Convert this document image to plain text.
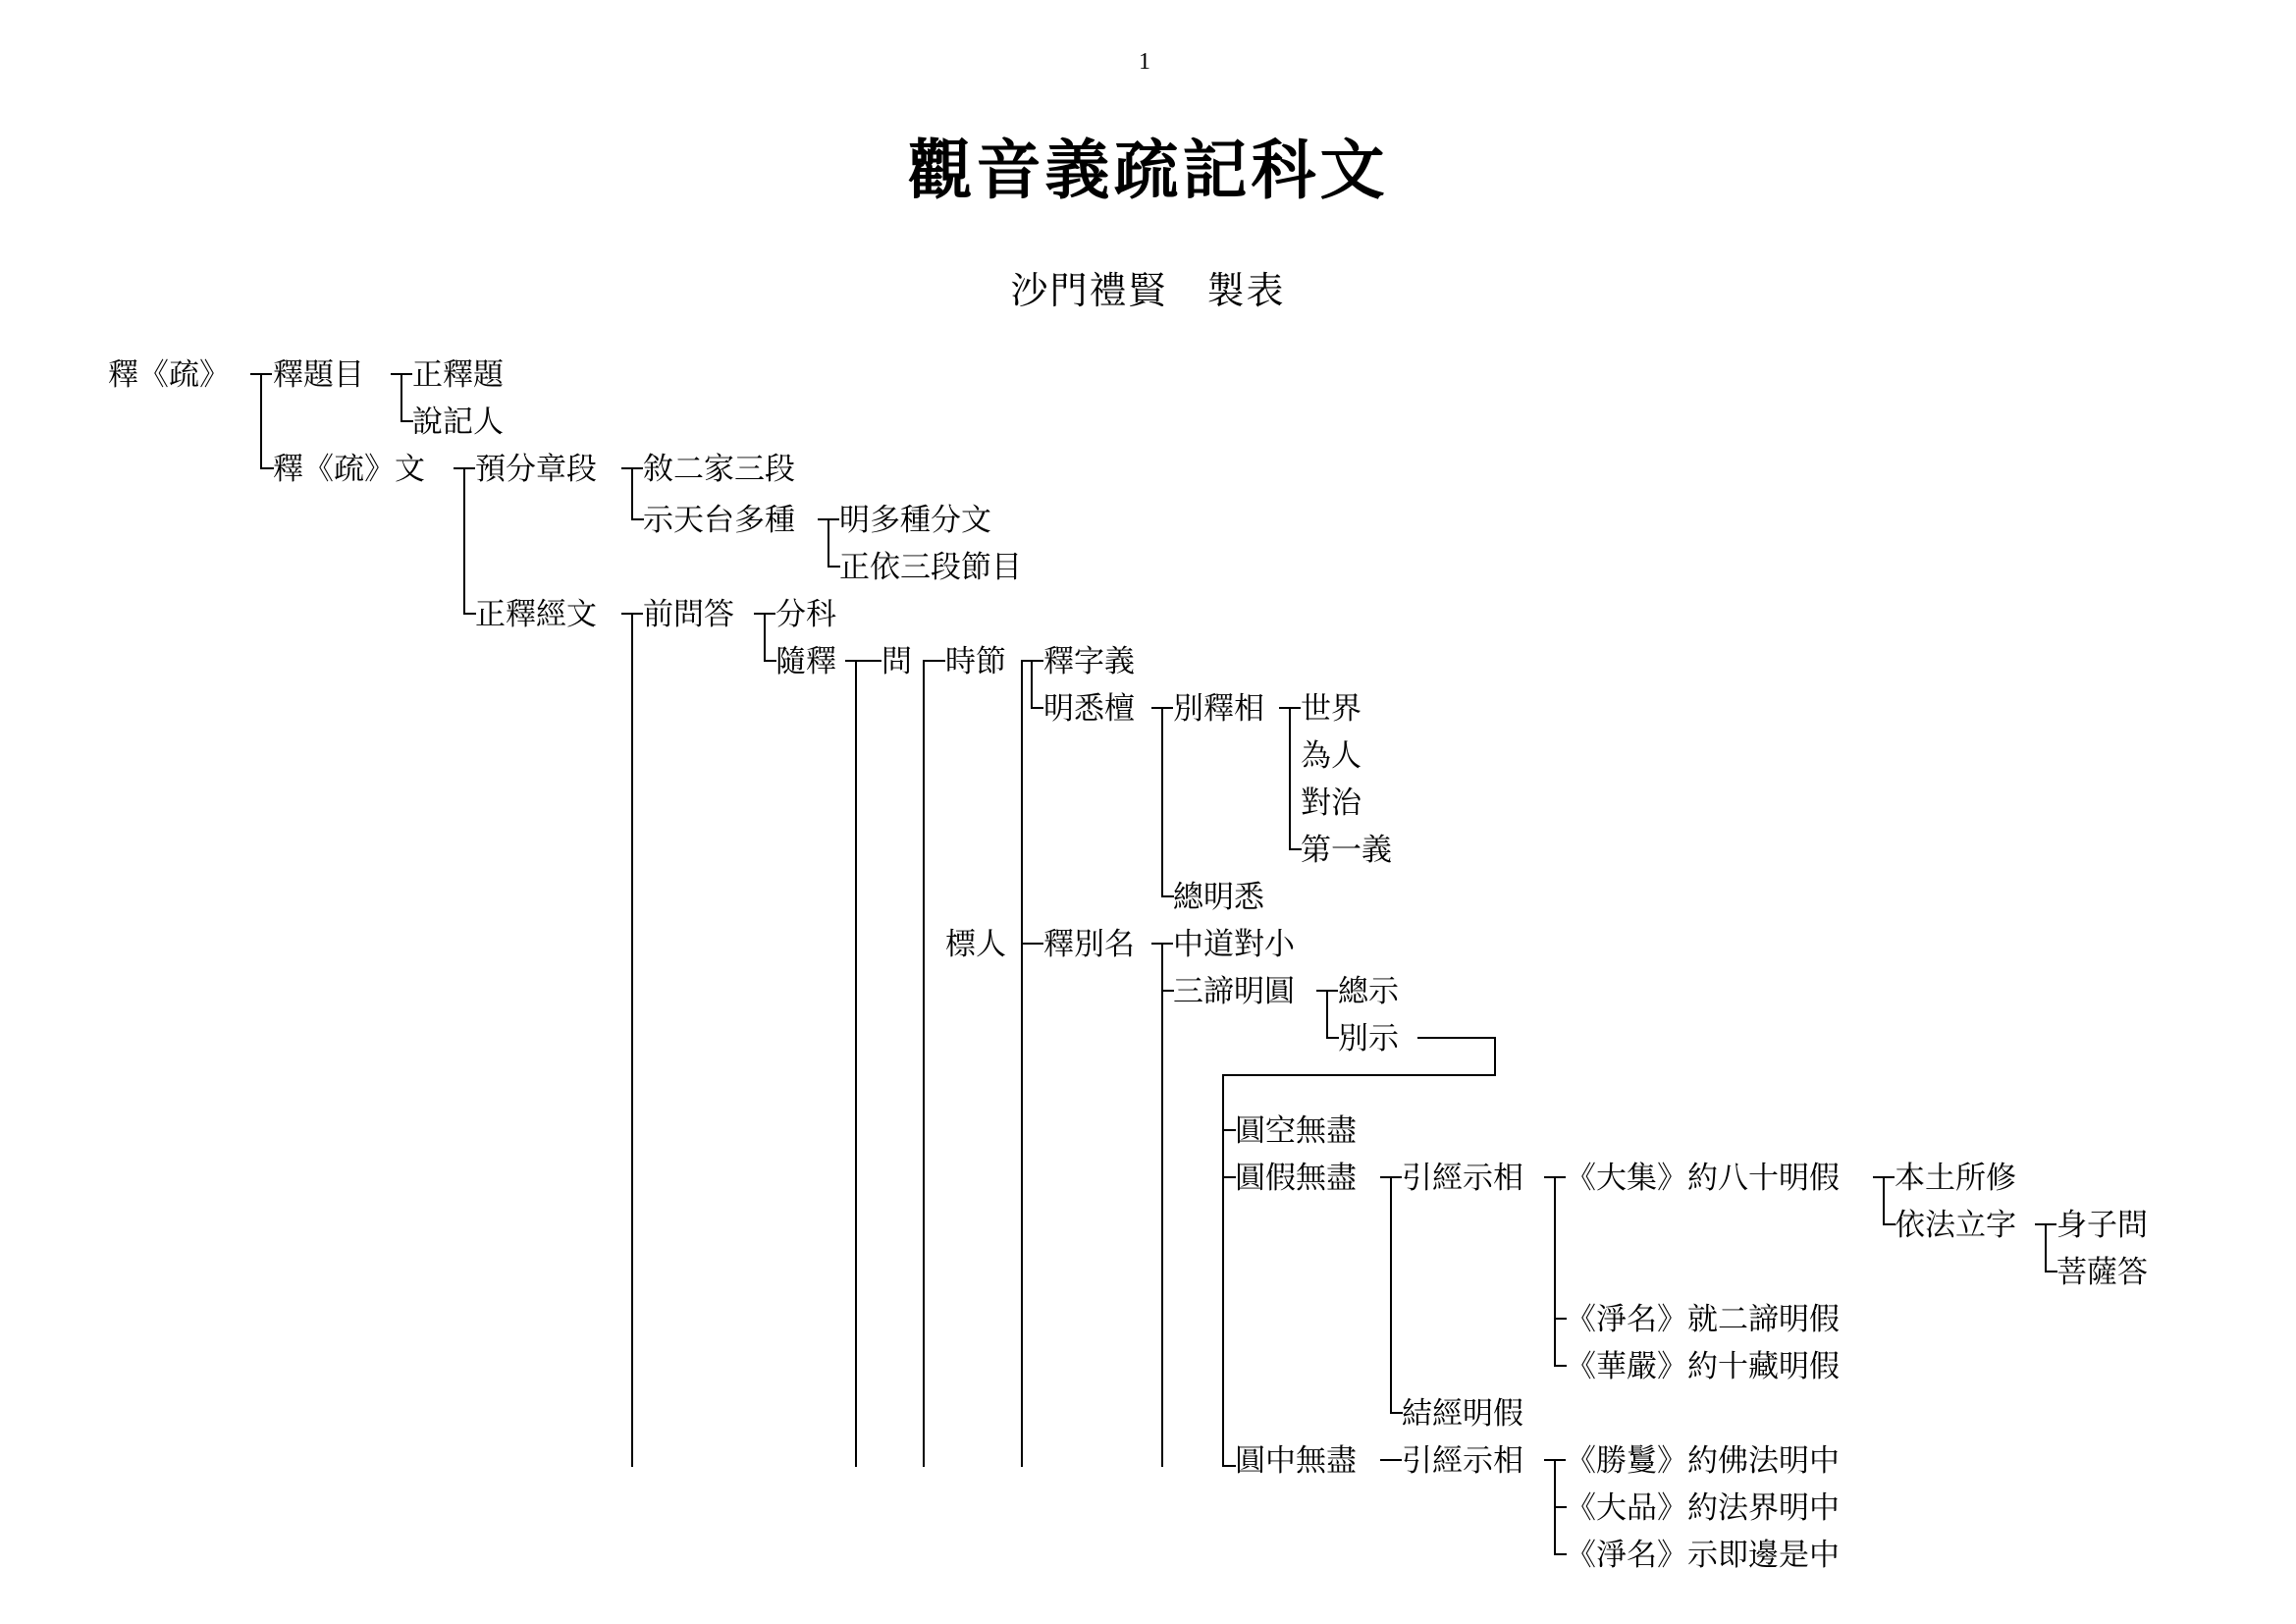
1
觀音義疏記科文
沙門禮賢　製表
釋《疏》 釋題目 正釋題
說記人
釋《疏》文 預分章段 敘二家三段
示天台多種 明多種分文
正依三段節目
正釋經文 前問答 分科
隨釋 問 時節 釋字義
明悉檀 別釋相 世界
為人
對治
第一義
總明悉
標人 釋別名 中道對小
三諦明圓 總示
別示
圓空無盡
圓假無盡 引經示相 《大集》約八十明假 本土所修
依法立字 身子問
菩薩答
《淨名》就二諦明假
《華嚴》約十藏明假
結經明假
圓中無盡 引經示相 《勝鬘》約佛法明中
《大品》約法界明中
《淨名》示即邊是中
